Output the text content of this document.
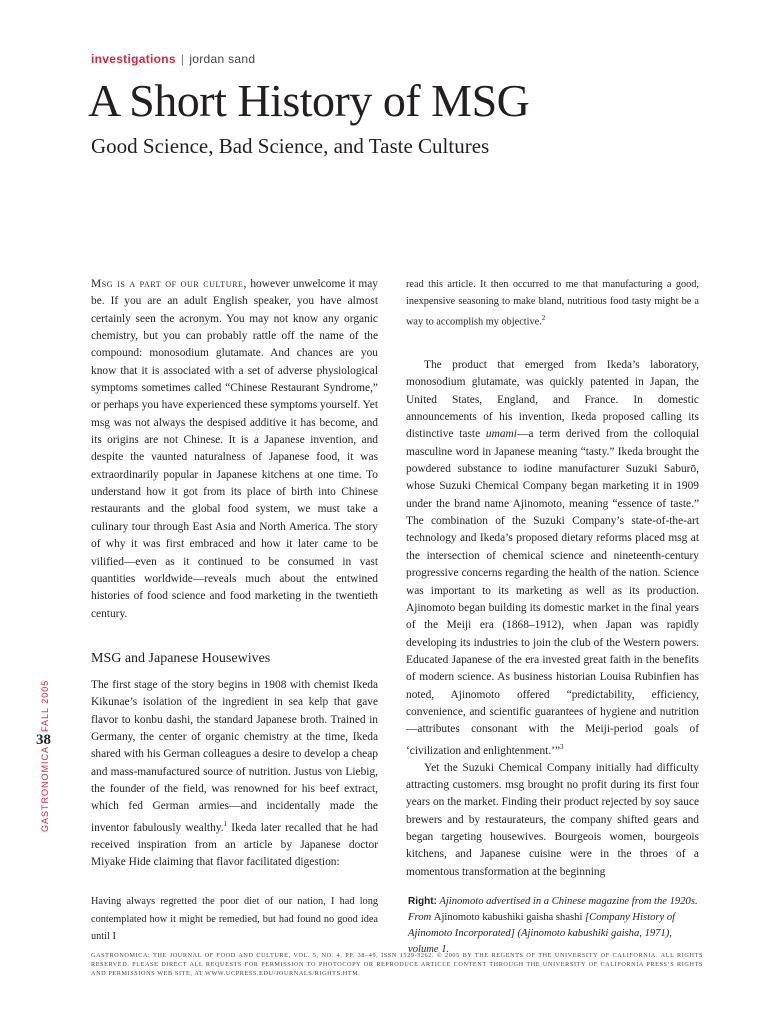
investigations | jordan sand
A Short History of MSG
Good Science, Bad Science, and Taste Cultures

Msg is a part of our culture, however unwelcome it may be. If you are an adult English speaker, you have almost certainly seen the acronym. You may not know any organic chemistry, but you can probably rattle off the name of the compound: monosodium glutamate. And chances are you know that it is associated with a set of adverse physiological symptoms sometimes called “Chinese Restaurant Syndrome,” or perhaps you have experienced these symptoms yourself. Yet msg was not always the despised additive it has become, and its origins are not Chinese. It is a Japanese invention, and despite the vaunted naturalness of Japanese food, it was extraordinarily popular in Japanese kitchens at one time. To understand how it got from its place of birth into Chinese restaurants and the global food system, we must take a culinary tour through East Asia and North America. The story of why it was first embraced and how it later came to be vilified—even as it continued to be consumed in vast quantities worldwide—reveals much about the entwined histories of food science and food marketing in the twentieth century.

MSG and Japanese Housewives

The first stage of the story begins in 1908 with chemist Ikeda Kikunae’s isolation of the ingredient in sea kelp that gave flavor to konbu dashi, the standard Japanese broth. Trained in Germany, the center of organic chemistry at the time, Ikeda shared with his German colleagues a desire to develop a cheap and mass-manufactured source of nutrition. Justus von Liebig, the founder of the field, was renowned for his beef extract, which fed German armies—and incidentally made the inventor fabulously wealthy.$^1$ Ikeda later recalled that he had received inspiration from an article by Japanese doctor Miyake Hide claiming that flavor facilitated digestion:

Having always regretted the poor diet of our nation, I had long contemplated how it might be remedied, but had found no good idea until I

read this article. It then occurred to me that manufacturing a good, inexpensive seasoning to make bland, nutritious food tasty might be a way to accomplish my objective.$^2$

The product that emerged from Ikeda’s laboratory, monosodium glutamate, was quickly patented in Japan, the United States, England, and France. In domestic announcements of his invention, Ikeda proposed calling its distinctive taste umami—a term derived from the colloquial masculine word in Japanese meaning “tasty.” Ikeda brought the powdered substance to iodine manufacturer Suzuki Saburō, whose Suzuki Chemical Company began marketing it in 1909 under the brand name Ajinomoto, meaning “essence of taste.” The combination of the Suzuki Company’s state-of-the-art technology and Ikeda’s proposed dietary reforms placed msg at the intersection of chemical science and nineteenth-century progressive concerns regarding the health of the nation. Science was important to its marketing as well as its production. Ajinomoto began building its domestic market in the final years of the Meiji era (1868–1912), when Japan was rapidly developing its industries to join the club of the Western powers. Educated Japanese of the era invested great faith in the benefits of modern science. As business historian Louisa Rubinfien has noted, Ajinomoto offered “predictability, efficiency, convenience, and scientific guarantees of hygiene and nutrition—attributes consonant with the Meiji-period goals of ‘civilization and enlightenment.’”$^3$

Yet the Suzuki Chemical Company initially had difficulty attracting customers. msg brought no profit during its first four years on the market. Finding their product rejected by soy sauce brewers and by restaurateurs, the company shifted gears and began targeting housewives. Bourgeois women, bourgeois kitchens, and Japanese cuisine were in the throes of a momentous transformation at the beginning

Right: Ajinomoto advertised in a Chinese magazine from the 1920s. From Ajinomoto kabushiki gaisha shashi [Company History of Ajinomoto Incorporated] (Ajinomoto kabushiki gaisha, 1971), volume 1.
GASTRONOMICA: THE JOURNAL OF FOOD AND CULTURE, VOL. 5, NO. 4, PP. 38–49, ISSN 1529-3262. © 2005 BY THE REGENTS OF THE UNIVERSITY OF CALIFORNIA. ALL RIGHTS RESERVED. PLEASE DIRECT ALL REQUESTS FOR PERMISSION TO PHOTOCOPY OR REPRODUCE ARTICLE CONTENT THROUGH THE UNIVERSITY OF CALIFORNIA PRESS’S RIGHTS AND PERMISSIONS WEB SITE, AT WWW.UCPRESS.EDU/JOURNALS/RIGHTS.HTM.
GASTRONOMICAFALL 2005
38
